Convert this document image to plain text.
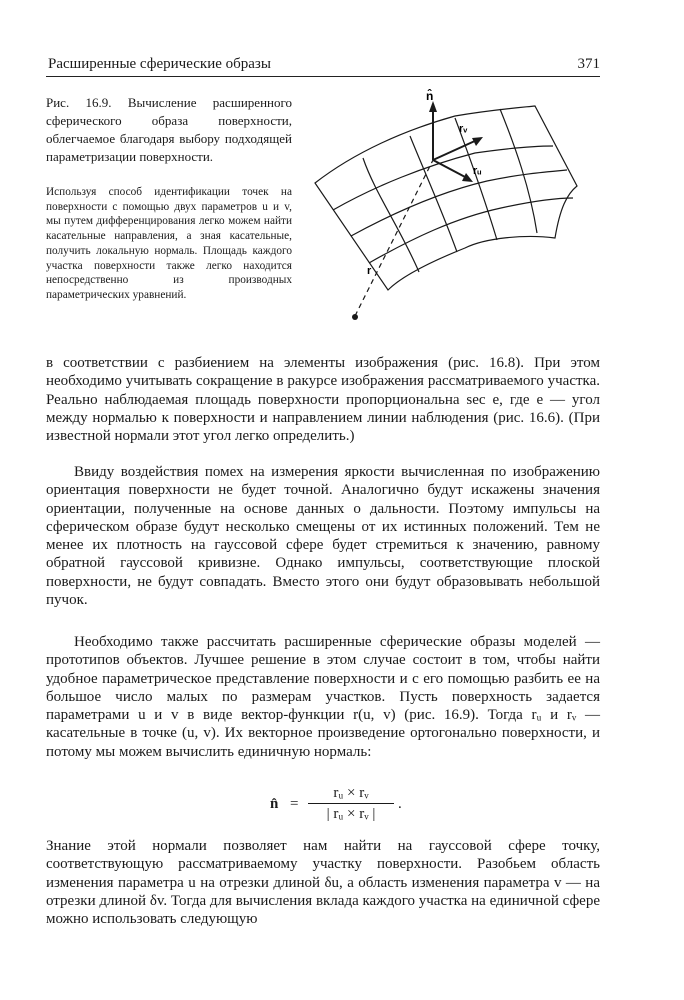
Расширенные сферические образы	371
Рис. 16.9. Вычисление расширенного сферического образа поверхности, облегчаемое благодаря выбору подходящей параметризации поверхности.
Используя способ идентификации точек на поверхности с помощью двух параметров u и v, мы путем дифференцирования легко можем найти касательные направления, а зная касательные, получить локальную нормаль. Площадь каждого участка поверхности также легко находится непосредственно из производных параметрических уравнений.
n̂
rᵥ
rᵤ
r

в соответствии с разбиением на элементы изображения (рис. 16.8). При этом необходимо учитывать сокращение в ракурсе изображения рассматриваемого участка. Реально наблюдаемая площадь поверхности пропорциональна sec e, где e — угол между нормалью к поверхности и направлением линии наблюдения (рис. 16.6). (При известной нормали этот угол легко определить.)

Ввиду воздействия помех на измерения яркости вычисленная по изображению ориентация поверхности не будет точной. Аналогично будут искажены значения ориентации, полученные на основе данных о дальности. Поэтому импульсы на сферическом образе будут несколько смещены от их истинных положений. Тем не менее их плотность на гауссовой сфере будет стремиться к значению, равному обратной гауссовой кривизне. Однако импульсы, соответствующие плоской поверхности, не будут совпадать. Вместо этого они будут образовывать небольшой пучок.

Необходимо также рассчитать расширенные сферические образы моделей — прототипов объектов. Лучшее решение в этом случае состоит в том, чтобы найти удобное параметрическое представление поверхности и с его помощью разбить ее на большое число малых по размерам участков. Пусть поверхность задается параметрами u и v в виде вектор-функции r(u, v) (рис. 16.9). Тогда rᵤ и rᵥ — касательные в точке (u, v). Их векторное произведение ортогонально поверхности, и потому мы можем вычислить единичную нормаль:

n̂ =
rᵤ × rᵥ
| rᵤ × rᵥ |
.

Знание этой нормали позволяет нам найти на гауссовой сфере точку, соответствующую рассматриваемому участку поверхности. Разобьем область изменения параметра u на отрезки длиной δu, а область изменения параметра v — на отрезки длиной δv. Тогда для вычисления вклада каждого участка на единичной сфере можно использовать следующую
